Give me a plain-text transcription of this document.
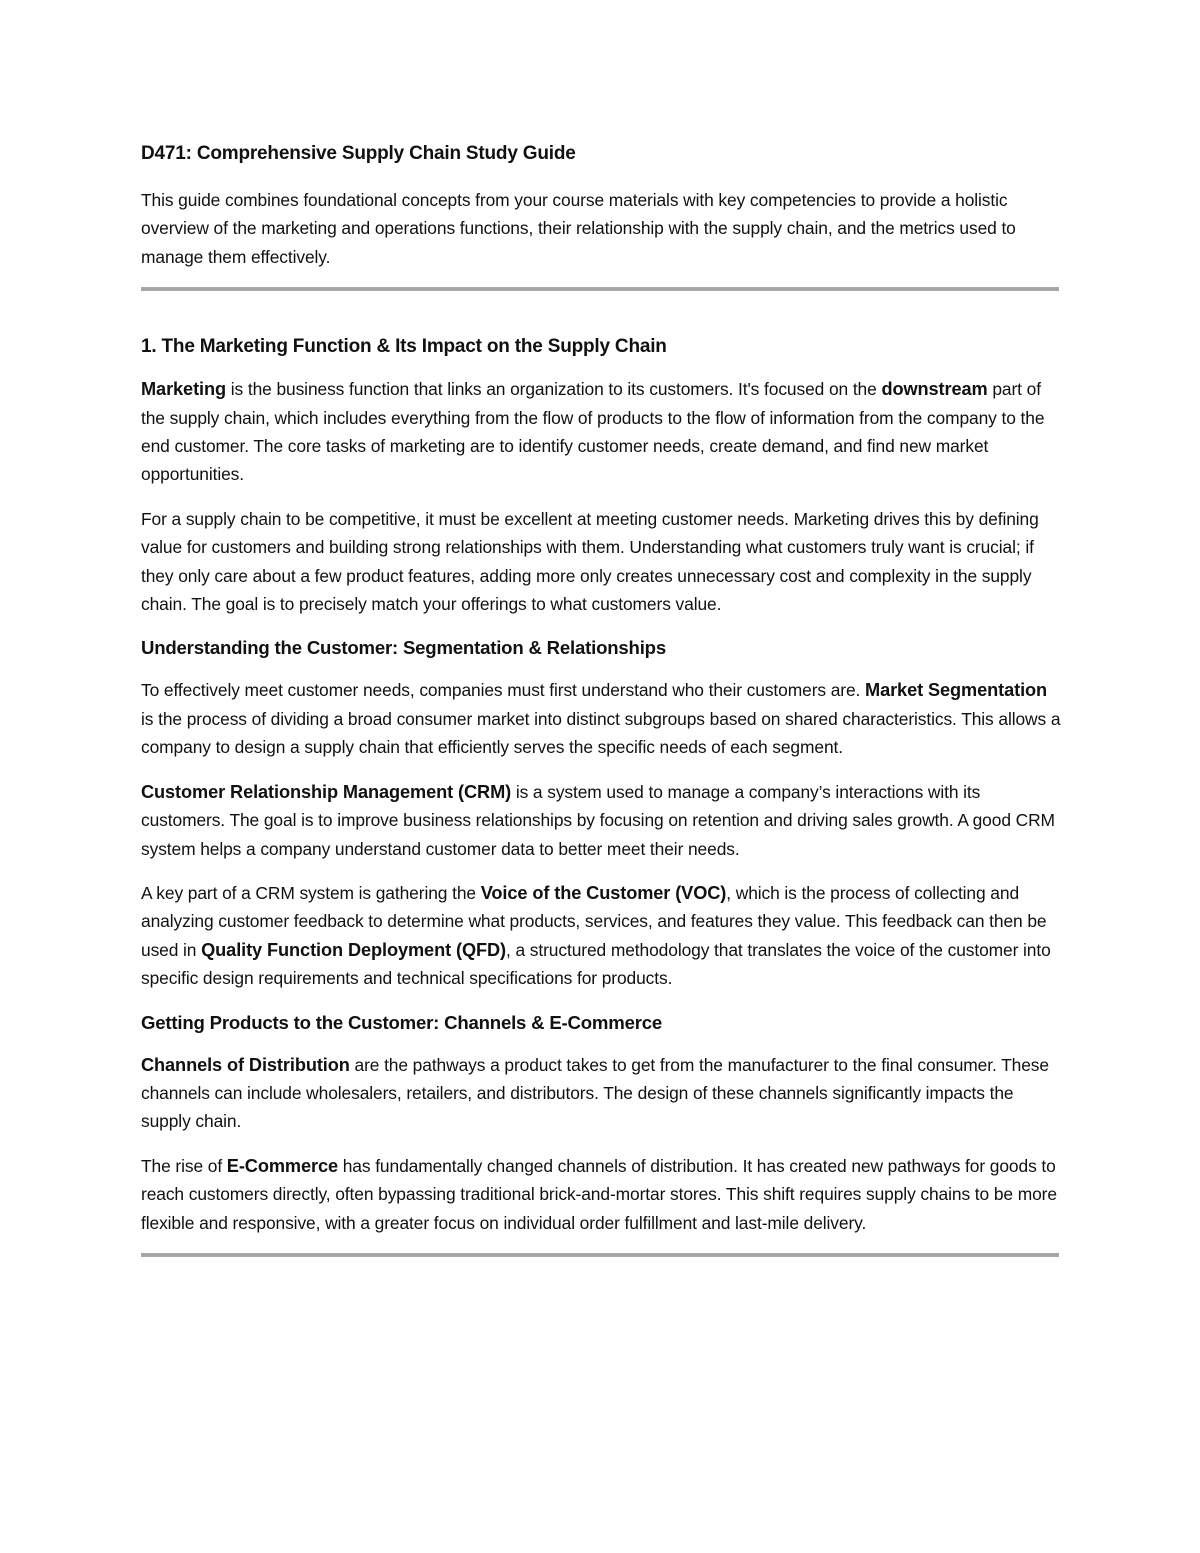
D471: Comprehensive Supply Chain Study Guide

This guide combines foundational concepts from your course materials with key competencies to provide a holistic overview of the marketing and operations functions, their relationship with the supply chain, and the metrics used to manage them effectively.

1. The Marketing Function & Its Impact on the Supply Chain

Marketing is the business function that links an organization to its customers. It's focused on the downstream part of the supply chain, which includes everything from the flow of products to the flow of information from the company to the end customer. The core tasks of marketing are to identify customer needs, create demand, and find new market opportunities.

For a supply chain to be competitive, it must be excellent at meeting customer needs. Marketing drives this by defining value for customers and building strong relationships with them. Understanding what customers truly want is crucial; if they only care about a few product features, adding more only creates unnecessary cost and complexity in the supply chain. The goal is to precisely match your offerings to what customers value.

Understanding the Customer: Segmentation & Relationships

To effectively meet customer needs, companies must first understand who their customers are. Market Segmentation is the process of dividing a broad consumer market into distinct subgroups based on shared characteristics. This allows a company to design a supply chain that efficiently serves the specific needs of each segment.

Customer Relationship Management (CRM) is a system used to manage a company’s interactions with its customers. The goal is to improve business relationships by focusing on retention and driving sales growth. A good CRM system helps a company understand customer data to better meet their needs.

A key part of a CRM system is gathering the Voice of the Customer (VOC), which is the process of collecting and analyzing customer feedback to determine what products, services, and features they value. This feedback can then be used in Quality Function Deployment (QFD), a structured methodology that translates the voice of the customer into specific design requirements and technical specifications for products.

Getting Products to the Customer: Channels & E-Commerce

Channels of Distribution are the pathways a product takes to get from the manufacturer to the final consumer. These channels can include wholesalers, retailers, and distributors. The design of these channels significantly impacts the supply chain.

The rise of E-Commerce has fundamentally changed channels of distribution. It has created new pathways for goods to reach customers directly, often bypassing traditional brick-and-mortar stores. This shift requires supply chains to be more flexible and responsive, with a greater focus on individual order fulfillment and last-mile delivery.
